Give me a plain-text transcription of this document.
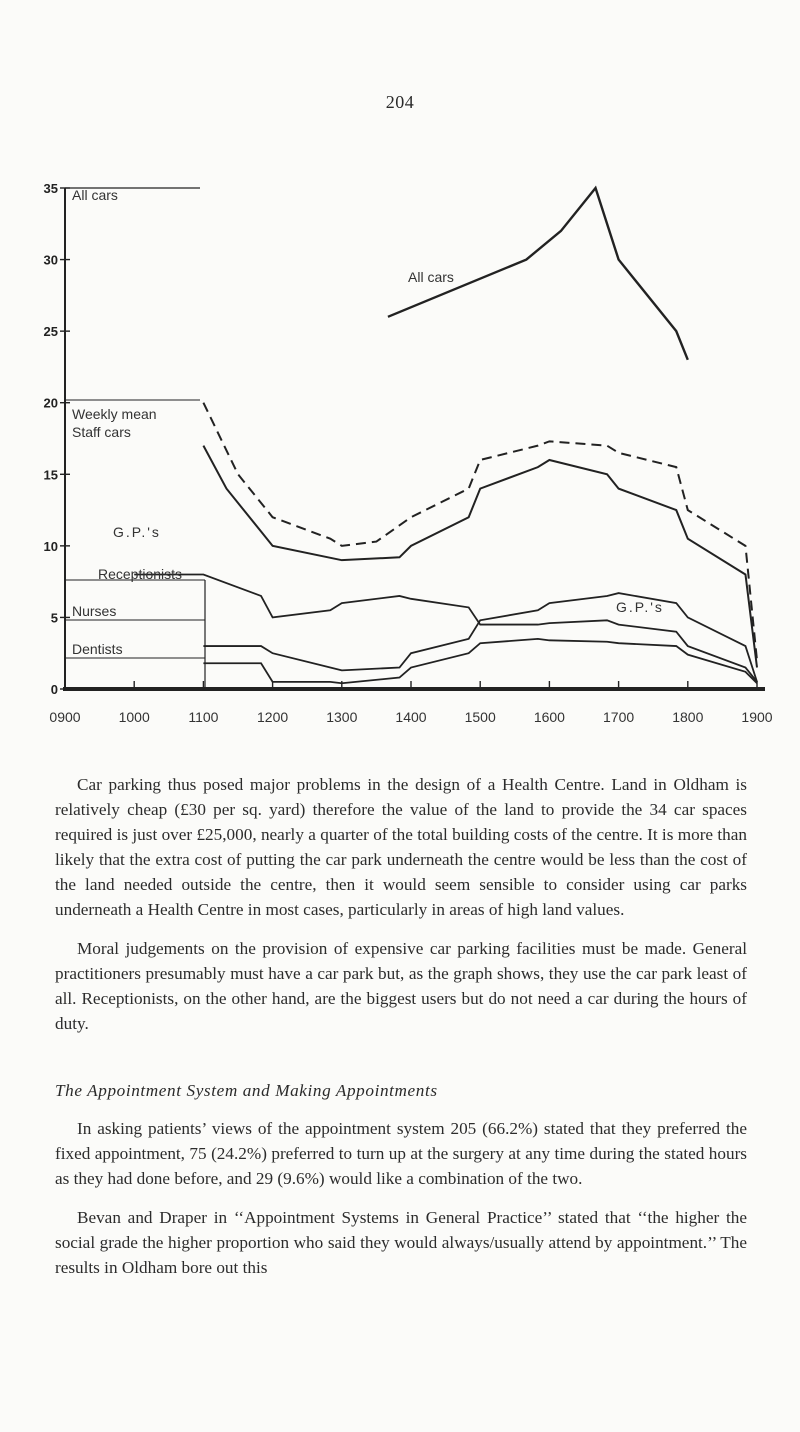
204
0900	1000	1100	1200	1300	1400	1500	1600	1700	1800	1900
0
5
10
15
20
25
30
35 All cars
All cars
Weekly mean
Staff cars
G.P.'s
Receptionists
G.P.'s
Nurses
Dentists

Car parking thus posed major problems in the design of a Health Centre. Land in Oldham is relatively cheap (£30 per sq. yard) therefore the value of the land to provide the 34 car spaces required is just over £25,000, nearly a quarter of the total building costs of the centre. It is more than likely that the extra cost of putting the car park underneath the centre would be less than the cost of the land needed outside the centre, then it would seem sensible to consider using car parks underneath a Health Centre in most cases, particularly in areas of high land values.

Moral judgements on the provision of expensive car parking facilities must be made. General practitioners presumably must have a car park but, as the graph shows, they use the car park least of all. Receptionists, on the other hand, are the biggest users but do not need a car during the hours of duty.

The Appointment System and Making Appointments

In asking patients’ views of the appointment system 205 (66.2%) stated that they preferred the fixed appointment, 75 (24.2%) preferred to turn up at the surgery at any time during the stated hours as they had done before, and 29 (9.6%) would like a combination of the two.

Bevan and Draper in ‘‘Appointment Systems in General Practice’’ stated that ‘‘the higher the social grade the higher proportion who said they would always/usually attend by appointment.’’ The results in Oldham bore out this
